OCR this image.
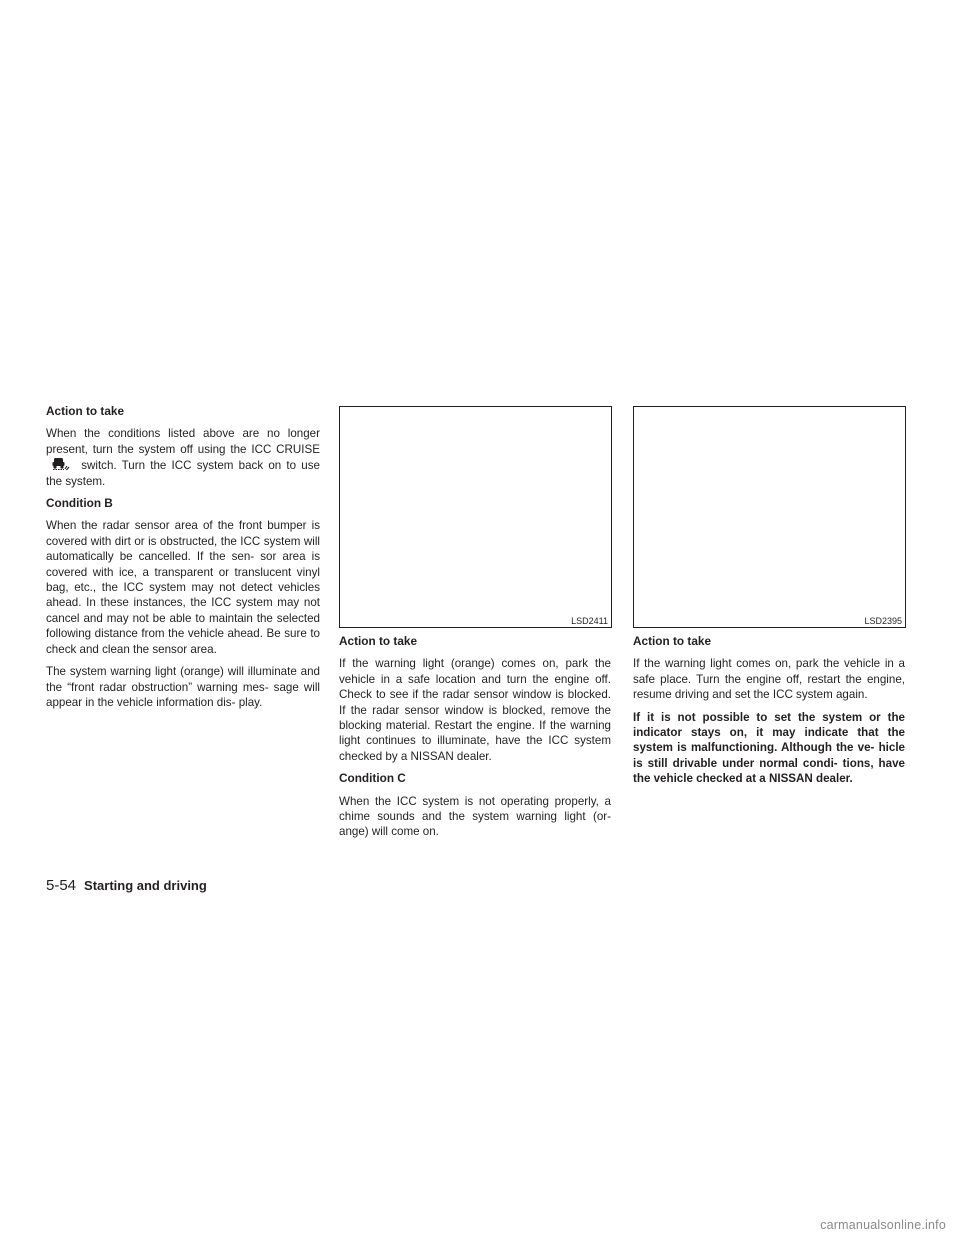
Action to take

When the conditions listed above are no longer present, turn the system off using the ICC CRUISE  switch. Turn the ICC system back on to use the system.

Condition B

When the radar sensor area of the front bumper is covered with dirt or is obstructed, the ICC system will automatically be cancelled. If the sen- sor area is covered with ice, a transparent or translucent vinyl bag, etc., the ICC system may not detect vehicles ahead. In these instances, the ICC system may not cancel and may not be able to maintain the selected following distance from the vehicle ahead. Be sure to check and clean the sensor area.

The system warning light (orange) will illuminate and the “front radar obstruction” warning mes- sage will appear in the vehicle information dis- play.

LSD2411	LSD2395
Action to take

If the warning light (orange) comes on, park the vehicle in a safe location and turn the engine off. Check to see if the radar sensor window is blocked. If the radar sensor window is blocked, remove the blocking material. Restart the engine. If the warning light continues to illuminate, have the ICC system checked by a NISSAN dealer.

Condition C

When the ICC system is not operating properly, a chime sounds and the system warning light (or- ange) will come on.

Action to take

If the warning light comes on, park the vehicle in a safe place. Turn the engine off, restart the engine, resume driving and set the ICC system again.

If it is not possible to set the system or the indicator stays on, it may indicate that the system is malfunctioning. Although the ve- hicle is still drivable under normal condi- tions, have the vehicle checked at a NISSAN dealer.

5-54 Starting and driving
carmanualsonline.info
